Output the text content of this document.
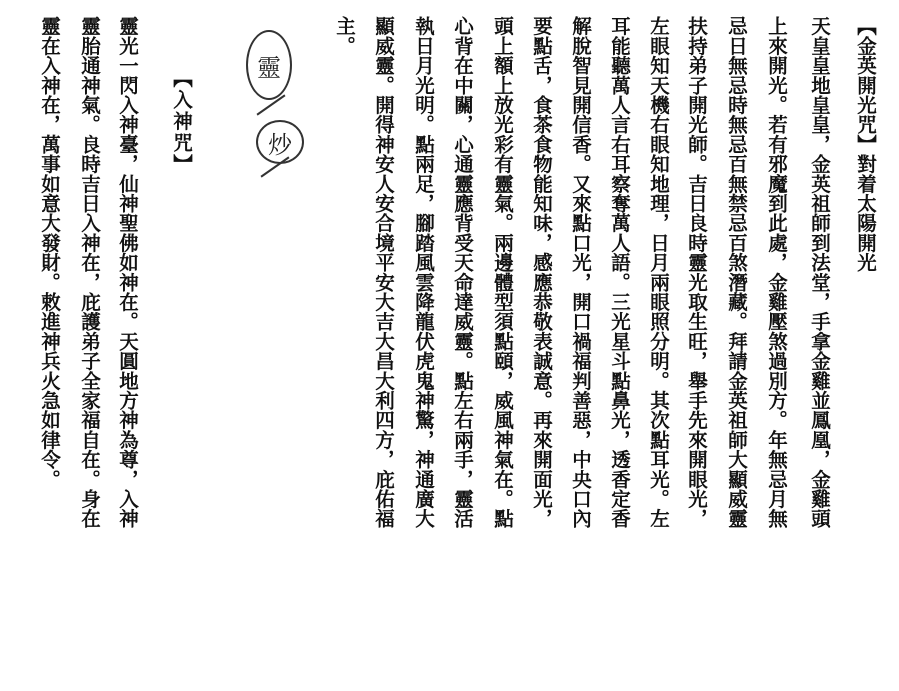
【金英開光咒】對着太陽開光
天皇皇地皇皇，金英祖師到法堂，手拿金雞並鳳凰，金雞頭
上來開光。若有邪魔到此處，金雞壓煞過別方。年無忌月無
忌日無忌時無忌百無禁忌百煞潛藏。拜請金英祖師大顯威靈
扶持弟子開光師。吉日良時靈光取生旺，舉手先來開眼光，
左眼知天機右眼知地理，日月兩眼照分明。其次點耳光。左
耳能聽萬人言右耳察奪萬人語。三光星斗點鼻光，透香定香
解脫智見開信香。又來點口光，開口禍福判善惡，中央口內
要點舌，食茶食物能知味，感應恭敬表誠意。再來開面光，
頭上額上放光彩有靈氣。兩邊體型須點頤，威風神氣在。點
心背在中關，心通靈應背受天命達威靈。點左右兩手，靈活
執日月光明。點兩足，腳踏風雲降龍伏虎鬼神驚，神通廣大
顯威靈。開得神安人安合境平安大吉大昌大利四方，庇佑福
主。
靈
炒
【入神咒】
靈光一閃入神臺，仙神聖佛如神在。天圓地方神為尊，入神
靈胎通神氣。良時吉日入神在，庇護弟子全家福自在。身在
靈在入神在，萬事如意大發財。敕進神兵火急如律令。
